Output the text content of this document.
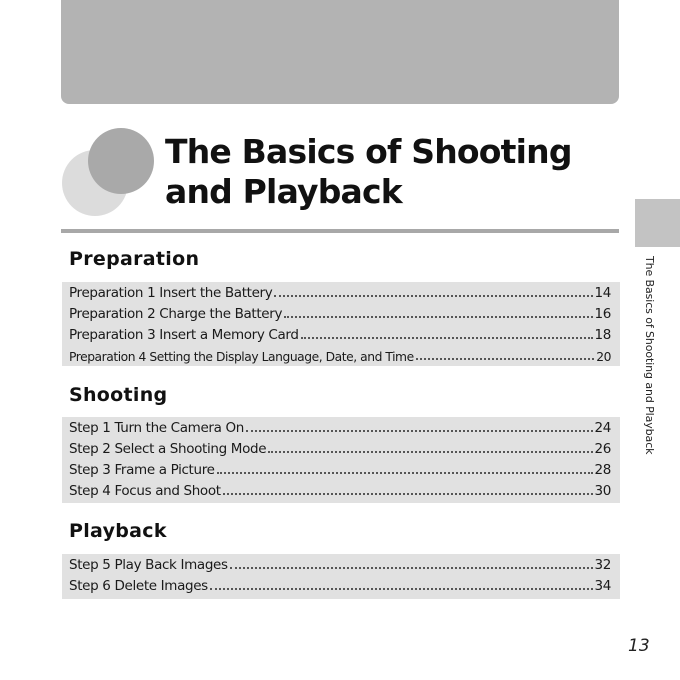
The Basics of Shooting and Playback
The Basics of Shooting and Playback
Preparation
Preparation 1 Insert the Battery	14
Preparation 2 Charge the Battery	16
Preparation 3 Insert a Memory Card	18
Preparation 4 Setting the Display Language, Date, and Time	20
Shooting
Step 1 Turn the Camera On	24
Step 2 Select a Shooting Mode	26
Step 3 Frame a Picture	28
Step 4 Focus and Shoot	30
Playback
Step 5 Play Back Images	32
Step 6 Delete Images	34
13
